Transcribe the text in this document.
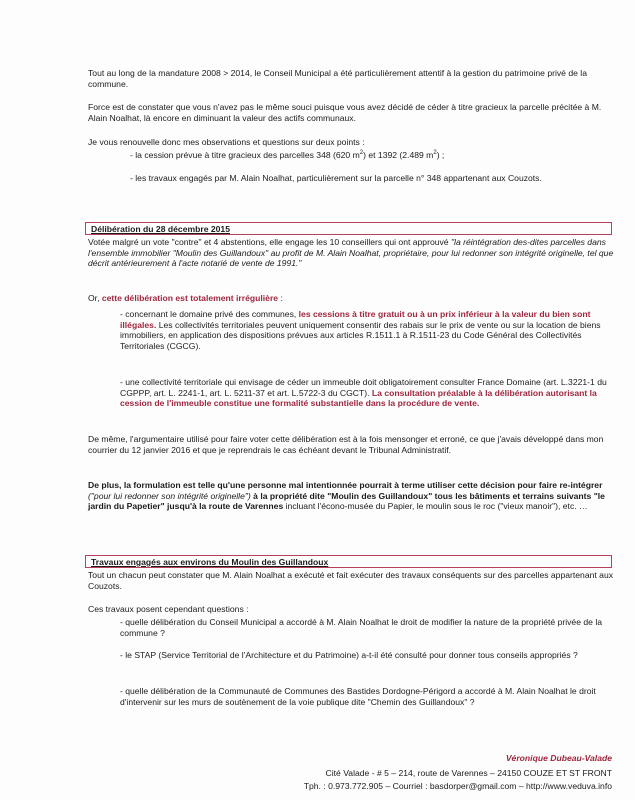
Tout au long de la mandature 2008 > 2014, le Conseil Municipal a été particulièrement attentif à la gestion du patrimoine privé de la commune.

Force est de constater que vous n'avez pas le même souci puisque vous avez décidé de céder à titre gracieux la parcelle précitée à M. Alain Noalhat, là encore en diminuant la valeur des actifs communaux.

Je vous renouvelle donc mes observations et questions sur deux points :

- la cession prévue à titre gracieux des parcelles 348 (620 $m^2$) et 1392 (2.489 $m^2$) ;

- les travaux engagés par M. Alain Noalhat, particulièrement sur la parcelle n° 348 appartenant aux Couzots.

Délibération du 28 décembre 2015

Votée malgré un vote "contre" et 4 abstentions, elle engage les 10 conseillers qui ont approuvé "la réintégration des-dites parcelles dans l'ensemble immobilier "Moulin des Guillandoux" au profit de M. Alain Noalhat, propriétaire, pour lui redonner son intégrité originelle, tel que décrit antérieurement à l'acte notarié de vente de 1991."

Or, cette délibération est totalement irrégulière :

- concernant le domaine privé des communes, les cessions à titre gratuit ou à un prix inférieur à la valeur du bien sont illégales. Les collectivités territoriales peuvent uniquement consentir des rabais sur le prix de vente ou sur la location de biens immobiliers, en application des dispositions prévues aux articles R.1511.1 à R.1511-23 du Code Général des Collectivités Territoriales (CGCG).

- une collectivité territoriale qui envisage de céder un immeuble doit obligatoirement consulter France Domaine (art. L.3221-1 du CGPPP, art. L. 2241-1, art. L. 5211-37 et art. L.5722-3 du CGCT). La consultation préalable à la délibération autorisant la cession de l'immeuble constitue une formalité substantielle dans la procédure de vente.

De même, l'argumentaire utilisé pour faire voter cette délibération est à la fois mensonger et erroné, ce que j'avais développé dans mon courrier du 12 janvier 2016 et que je reprendrais le cas échéant devant le Tribunal Administratif.

De plus, la formulation est telle qu'une personne mal intentionnée pourrait à terme utiliser cette décision pour faire re-intégrer ("pour lui redonner son intégrité originelle") à la propriété dite "Moulin des Guillandoux" tous les bâtiments et terrains suivants "le jardin du Papetier" jusqu'à la route de Varennes incluant l'écono-musée du Papier, le moulin sous le roc ("vieux manoir"), etc. …

Travaux engagés aux environs du Moulin des Guillandoux

Tout un chacun peut constater que M. Alain Noalhat a exécuté et fait exécuter des travaux conséquents sur des parcelles appartenant aux Couzots.

Ces travaux posent cependant questions :

- quelle délibération du Conseil Municipal a accordé à M. Alain Noalhat le droit de modifier la nature de la propriété privée de la commune ?

- le STAP (Service Territorial de l'Architecture et du Patrimoine) a-t-il été consulté pour donner tous conseils appropriés ?

- quelle délibération de la Communauté de Communes des Bastides Dordogne-Périgord a accordé à M. Alain Noalhat le droit d'intervenir sur les murs de soutènement de la voie publique dite "Chemin des Guillandoux" ?

Véronique Dubeau-Valade

Cité Valade - # 5 – 214, route de Varennes – 24150 COUZE ET ST FRONT

Tph. : 0.973.772.905 – Courriel : basdorper@gmail.com – http://www.veduva.info
